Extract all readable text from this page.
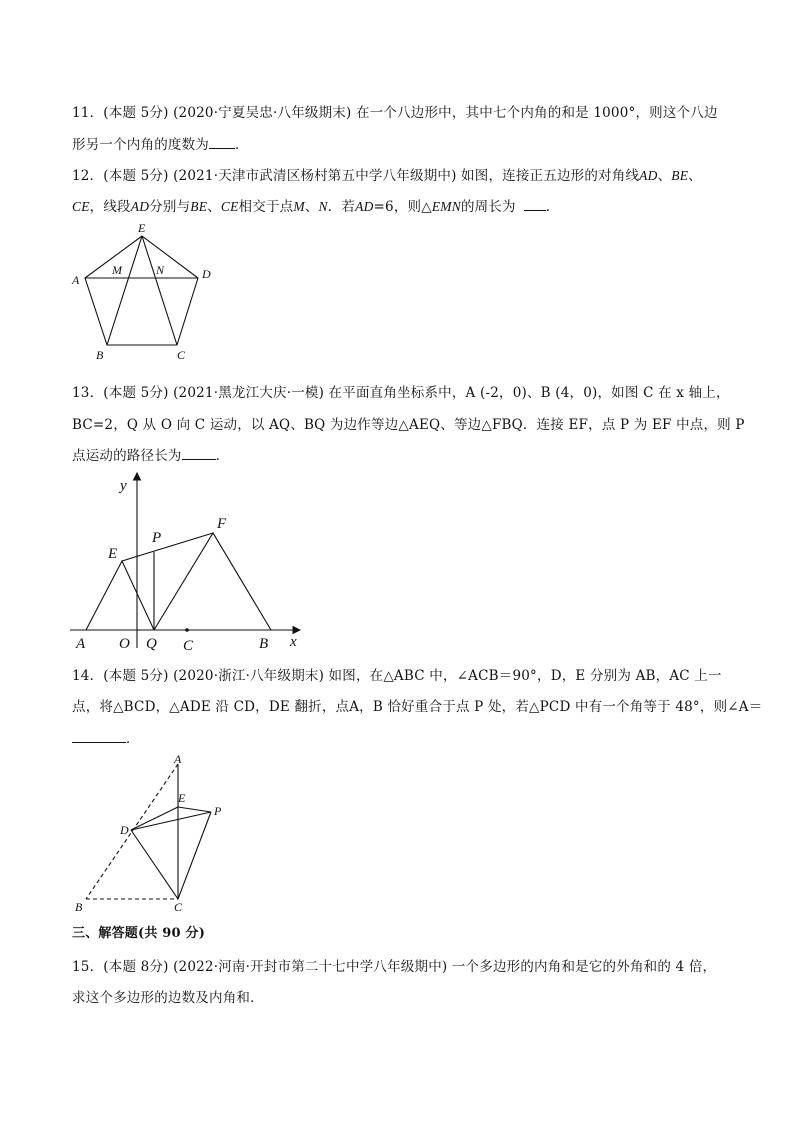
11．(本题 5分) (2020·宁夏吴忠·八年级期末) 在一个八边形中，其中七个内角的和是 1000°，则这个八边
形另一个内角的度数为 ．
12．(本题 5分) (2021·天津市武清区杨村第五中学八年级期中) 如图，连接正五边形的对角线AD、BE、
CE，线段AD分别与BE、CE相交于点M、N．若AD=6，则△EMN的周长为 ．
E
A
M	N	D
B	C
13．(本题 5分) (2021·黑龙江大庆·一模) 在平面直角坐标系中，A (-2，0)、B (4，0)，如图 C 在 x 轴上，
BC=2，Q 从 O 向 C 运动，以 AQ、BQ 为边作等边△AEQ、等边△FBQ．连接 EF，点 P 为 EF 中点，则 P
点运动的路径长为	．
y
F
P
E
A O Q C	B x
14．(本题 5分) (2020·浙江·八年级期末) 如图，在△ABC 中，∠ACB＝90°，D，E 分别为 AB，AC 上一
点，将△BCD，△ADE 沿 CD，DE 翻折，点A，B 恰好重合于点 P 处，若△PCD 中有一个角等于 48°，则∠A＝
．
A
E
P
D
B	C
三、解答题(共 90 分)
15．(本题 8分) (2022·河南·开封市第二十七中学八年级期中) 一个多边形的内角和是它的外角和的 4 倍，
求这个多边形的边数及内角和．
